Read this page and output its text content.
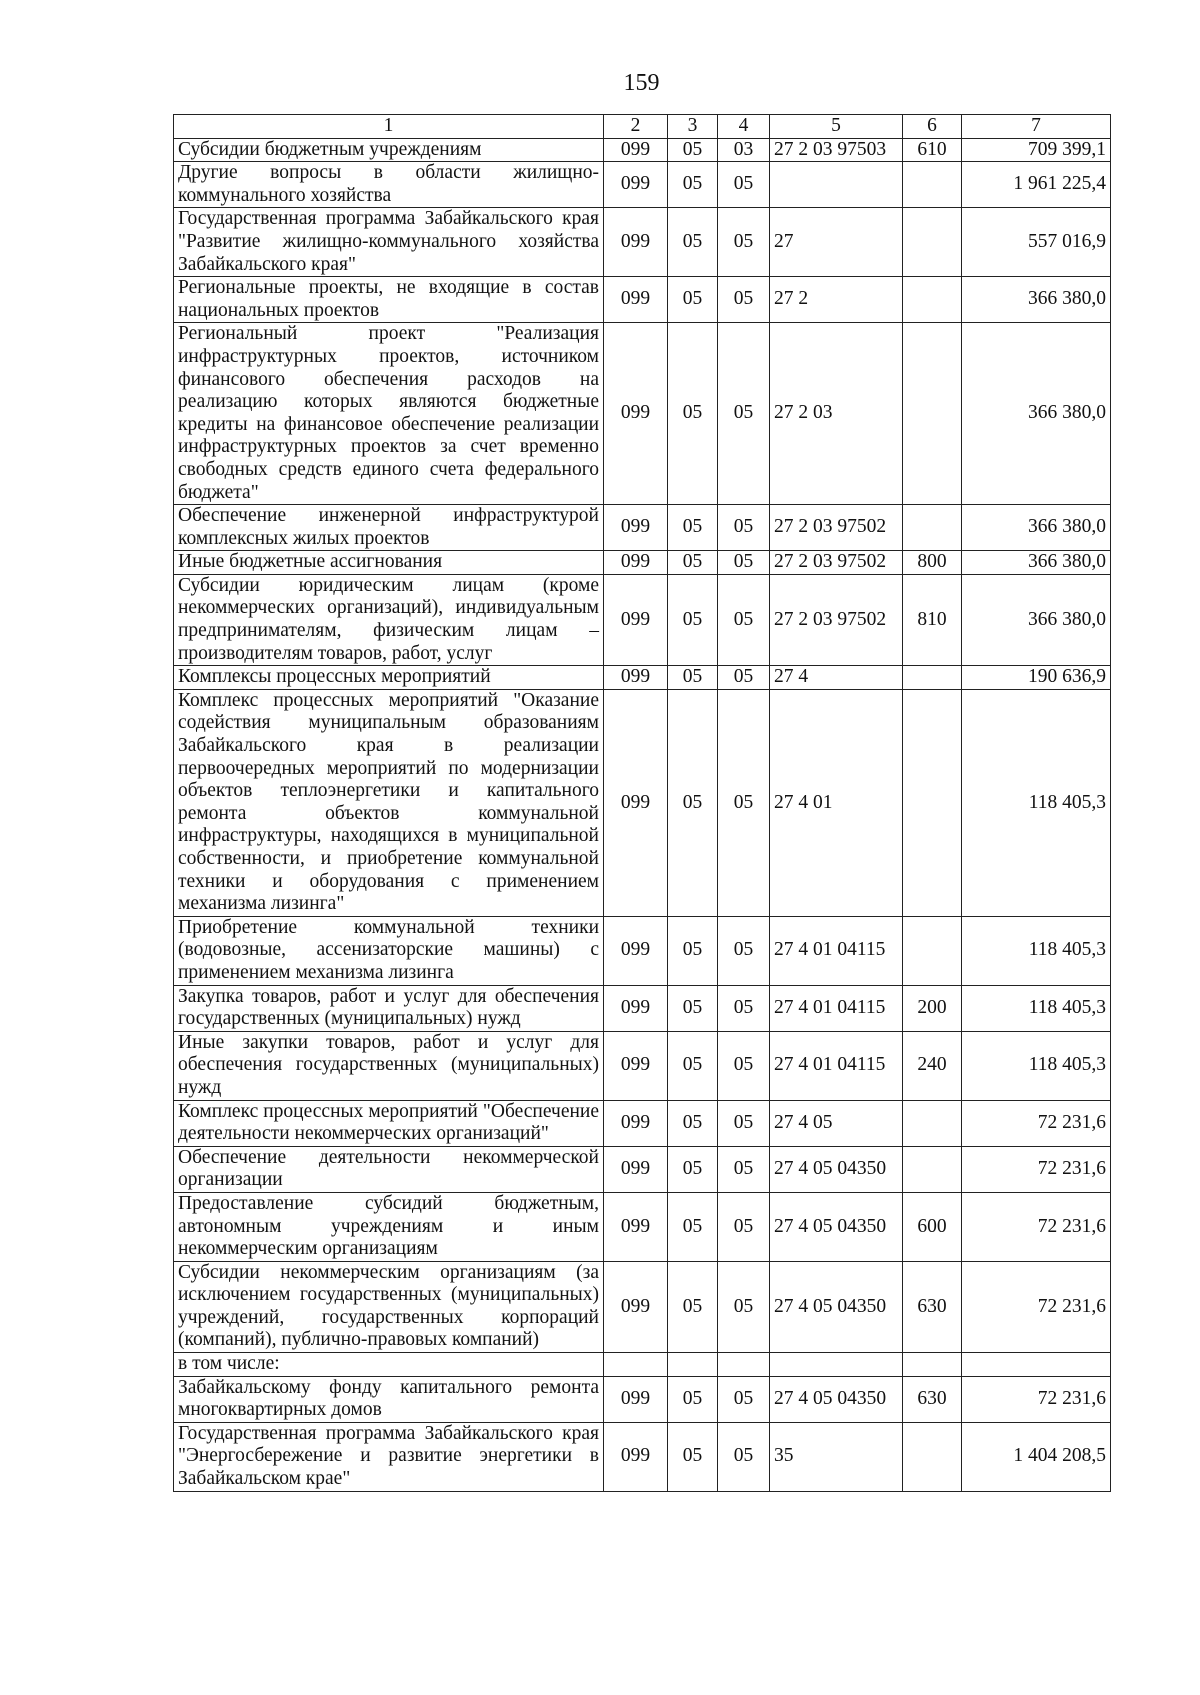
159
1	2	3	4	5	6	7
Субсидии бюджетным учреждениям	099	05	03	27 2 03 97503	610	709 399,1
Другие вопросы в области жилищно-коммунального хозяйства	099	05	05			1 961 225,4
Государственная программа Забайкальского края "Развитие жилищно-коммунального хозяйства Забайкальского края"	099	05	05	27		557 016,9
Региональные проекты, не входящие в состав национальных проектов	099	05	05	27 2		366 380,0
Региональный проект "Реализация инфраструктурных проектов, источником финансового обеспечения расходов на реализацию которых являются бюджетные кредиты на финансовое обеспечение реализации инфраструктурных проектов за счет временно свободных средств единого счета федерального бюджета"	099	05	05	27 2 03		366 380,0
Обеспечение инженерной инфраструктурой комплексных жилых проектов	099	05	05	27 2 03 97502		366 380,0
Иные бюджетные ассигнования	099	05	05	27 2 03 97502	800	366 380,0
Субсидии юридическим лицам (кроме некоммерческих организаций), индивидуальным предпринимателям, физическим лицам – производителям товаров, работ, услуг	099	05	05	27 2 03 97502	810	366 380,0
Комплексы процессных мероприятий	099	05	05	27 4		190 636,9
Комплекс процессных мероприятий "Оказание содействия муниципальным образованиям Забайкальского края в реализации первоочередных мероприятий по модернизации объектов теплоэнергетики и капитального ремонта объектов коммунальной инфраструктуры, находящихся в муниципальной собственности, и приобретение коммунальной техники и оборудования с применением механизма лизинга"	099	05	05	27 4 01		118 405,3
Приобретение коммунальной техники (водовозные, ассенизаторские машины) с применением механизма лизинга	099	05	05	27 4 01 04115		118 405,3
Закупка товаров, работ и услуг для обеспечения государственных (муниципальных) нужд	099	05	05	27 4 01 04115	200	118 405,3
Иные закупки товаров, работ и услуг для обеспечения государственных (муниципальных) нужд	099	05	05	27 4 01 04115	240	118 405,3
Комплекс процессных мероприятий "Обеспечение деятельности некоммерческих организаций"	099	05	05	27 4 05		72 231,6
Обеспечение деятельности некоммерческой организации	099	05	05	27 4 05 04350		72 231,6
Предоставление субсидий бюджетным, автономным учреждениям и иным некоммерческим организациям	099	05	05	27 4 05 04350	600	72 231,6
Субсидии некоммерческим организациям (за исключением государственных (муниципальных) учреждений, государственных корпораций (компаний), публично-правовых компаний)	099	05	05	27 4 05 04350	630	72 231,6
в том числе:						
Забайкальскому фонду капитального ремонта многоквартирных домов	099	05	05	27 4 05 04350	630	72 231,6
Государственная программа Забайкальского края "Энергосбережение и развитие энергетики в Забайкальском крае"	099	05	05	35		1 404 208,5
